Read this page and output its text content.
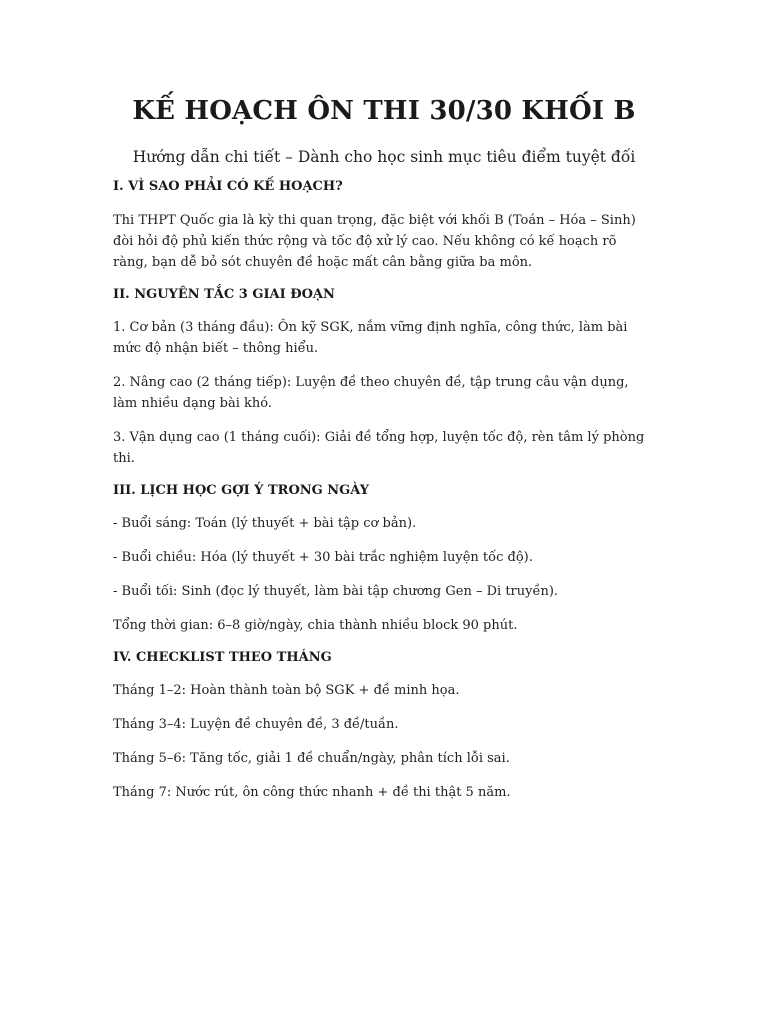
KẾ HOẠCH ÔN THI 30/30 KHỐI B

Hướng dẫn chi tiết – Dành cho học sinh mục tiêu điểm tuyệt đối

I. VÌ SAO PHẢI CÓ KẾ HOẠCH?

Thi THPT Quốc gia là kỳ thi quan trọng, đặc biệt với khối B (Toán – Hóa – Sinh) đòi hỏi độ phủ kiến thức rộng và tốc độ xử lý cao. Nếu không có kế hoạch rõ ràng, bạn dễ bỏ sót chuyên đề hoặc mất cân bằng giữa ba môn.

II. NGUYÊN TẮC 3 GIAI ĐOẠN

1. Cơ bản (3 tháng đầu): Ôn kỹ SGK, nắm vững định nghĩa, công thức, làm bài mức độ nhận biết – thông hiểu.

2. Nâng cao (2 tháng tiếp): Luyện đề theo chuyên đề, tập trung câu vận dụng, làm nhiều dạng bài khó.

3. Vận dụng cao (1 tháng cuối): Giải đề tổng hợp, luyện tốc độ, rèn tâm lý phòng thi.

III. LỊCH HỌC GỢI Ý TRONG NGÀY

- Buổi sáng: Toán (lý thuyết + bài tập cơ bản).

- Buổi chiều: Hóa (lý thuyết + 30 bài trắc nghiệm luyện tốc độ).

- Buổi tối: Sinh (đọc lý thuyết, làm bài tập chương Gen – Di truyền).

Tổng thời gian: 6–8 giờ/ngày, chia thành nhiều block 90 phút.

IV. CHECKLIST THEO THÁNG

Tháng 1–2: Hoàn thành toàn bộ SGK + đề minh họa.

Tháng 3–4: Luyện đề chuyên đề, 3 đề/tuần.

Tháng 5–6: Tăng tốc, giải 1 đề chuẩn/ngày, phân tích lỗi sai.

Tháng 7: Nước rút, ôn công thức nhanh + đề thi thật 5 năm.
